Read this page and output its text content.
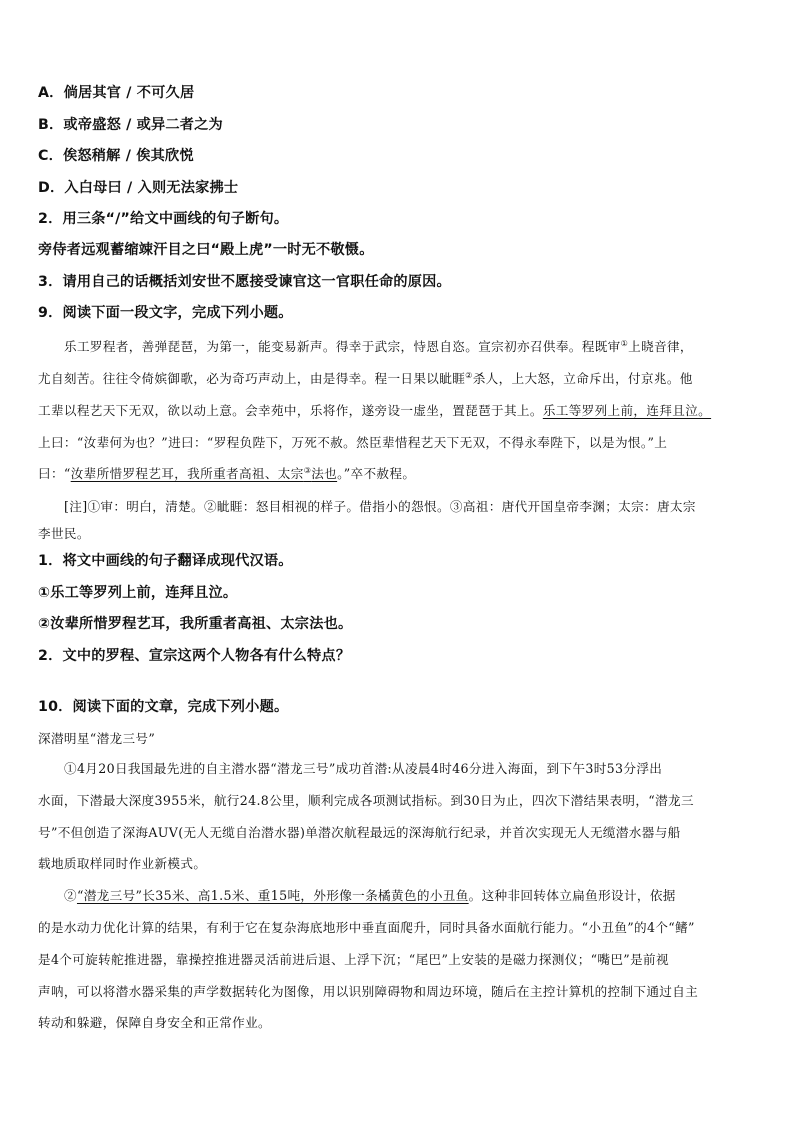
A．倘居其官 / 不可久居
B．或帝盛怒 / 或异二者之为
C．俟怒稍解 / 俟其欣悦
D．入白母曰 / 入则无法家拂士
2．用三条“/”给文中画线的句子断句。
旁侍者远观蓄缩竦汗目之曰“殿上虎”一时无不敬慑。
3．请用自己的话概括刘安世不愿接受谏官这一官职任命的原因。
9．阅读下面一段文字，完成下列小题。
乐工罗程者，善弹琵琶，为第一，能变易新声。得幸于武宗，恃恩自恣。宣宗初亦召供奉。程既审①上晓音律，
尤自刻苦。往往令倚嫔御歌，必为奇巧声动上，由是得幸。程一日果以眦睚②杀人，上大怒，立命斥出，付京兆。他
工辈以程艺天下无双，欲以动上意。会幸苑中，乐将作，遂旁设一虚坐，置琵琶于其上。乐工等罗列上前，连拜且泣。
上曰：“汝辈何为也？”进曰：“罗程负陛下，万死不赦。然臣辈惜程艺天下无双，不得永奉陛下，以是为恨。”上
曰：“汝辈所惜罗程艺耳，我所重者高祖、太宗③法也。”卒不赦程。
[注]①审：明白，清楚。②眦睚：怒目相视的样子。借指小的怨恨。③高祖：唐代开国皇帝李渊；太宗：唐太宗
李世民。
1．将文中画线的句子翻译成现代汉语。
①乐工等罗列上前，连拜且泣。
②汝辈所惜罗程艺耳，我所重者高祖、太宗法也。
2．文中的罗程、宣宗这两个人物各有什么特点？
10．阅读下面的文章，完成下列小题。
深潜明星“潜龙三号”
①4月20日我国最先进的自主潜水器“潜龙三号”成功首潜:从凌晨4时46分进入海面，到下午3时53分浮出
水面，下潜最大深度3955米，航行24.8公里，顺利完成各项测试指标。到30日为止，四次下潜结果表明，“潜龙三
号”不但创造了深海AUV(无人无缆自治潜水器)单潜次航程最远的深海航行纪录，并首次实现无人无缆潜水器与船
载地质取样同时作业新模式。
②“潜龙三号”长35米、高1.5米、重15吨，外形像一条橘黄色的小丑鱼。这种非回转体立扁鱼形设计，依据
的是水动力优化计算的结果，有利于它在复杂海底地形中垂直面爬升，同时具备水面航行能力。“小丑鱼”的4个“鳍”
是4个可旋转舵推进器，靠操控推进器灵活前进后退、上浮下沉；“尾巴”上安装的是磁力探测仪；“嘴巴”是前视
声呐，可以将潜水器采集的声学数据转化为图像，用以识别障碍物和周边环境，随后在主控计算机的控制下通过自主
转动和躲避，保障自身安全和正常作业。
